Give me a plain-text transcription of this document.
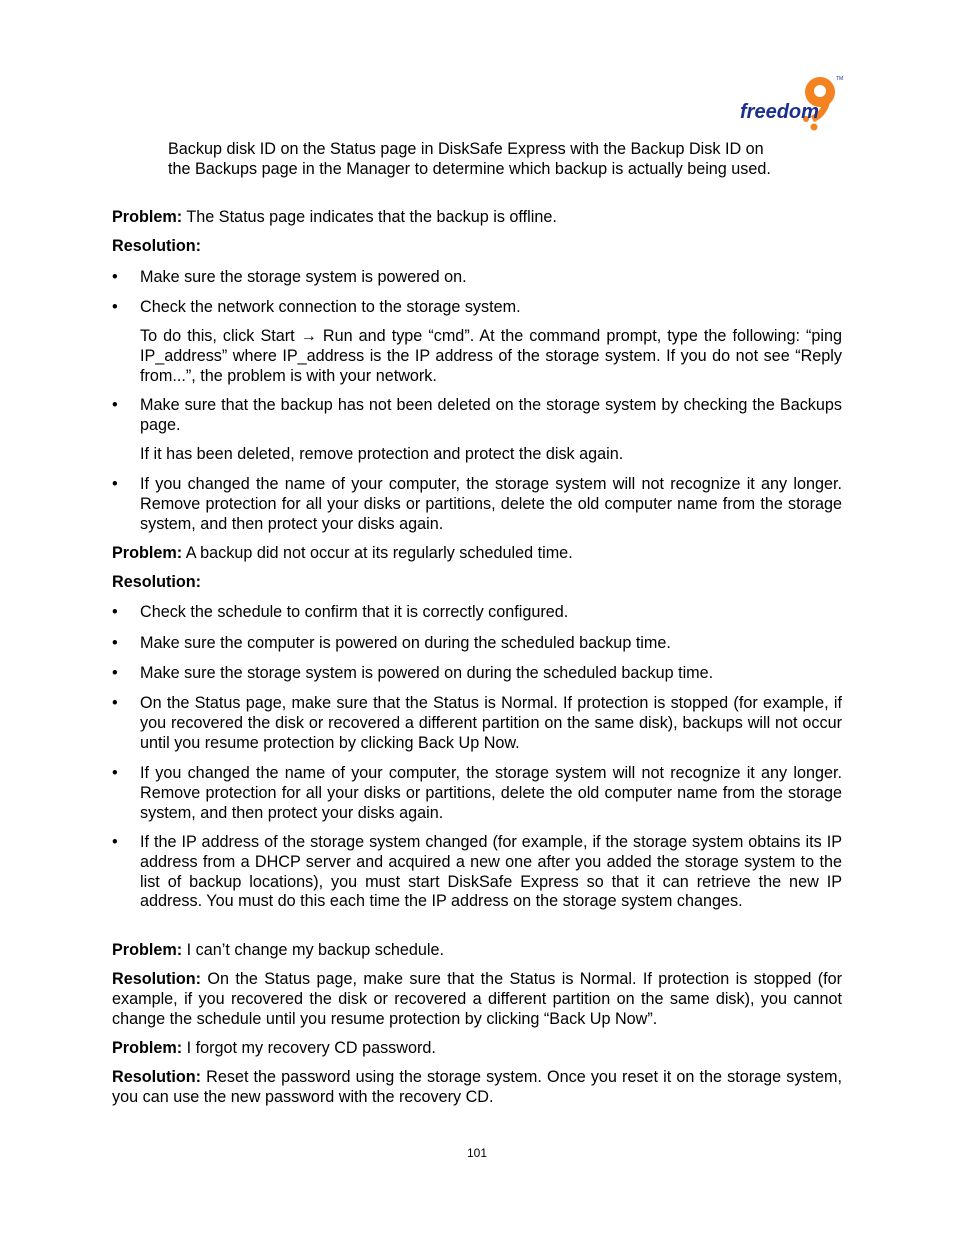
freedom
TM

Backup disk ID on the Status page in DiskSafe Express with the Backup Disk ID on the Backups page in the Manager to determine which backup is actually being used.

Problem: The Status page indicates that the backup is offline.

Resolution:

•	Make sure the storage system is powered on.
•	Check the network connection to the storage system.

To do this, click Start → Run and type “cmd”. At the command prompt, type the following: “ping IP_address” where IP_address is the IP address of the storage system. If you do not see “Reply from...”, the problem is with your network.

•	Make sure that the backup has not been deleted on the storage system by checking the Backups page.

If it has been deleted, remove protection and protect the disk again.

•	If you changed the name of your computer, the storage system will not recognize it any longer. Remove protection for all your disks or partitions, delete the old computer name from the storage system, and then protect your disks again.

Problem: A backup did not occur at its regularly scheduled time.

Resolution:

•	Check the schedule to confirm that it is correctly configured.
•	Make sure the computer is powered on during the scheduled backup time.
•	Make sure the storage system is powered on during the scheduled backup time.
•	On the Status page, make sure that the Status is Normal. If protection is stopped (for example, if you recovered the disk or recovered a different partition on the same disk), backups will not occur until you resume protection by clicking Back Up Now.
•	If you changed the name of your computer, the storage system will not recognize it any longer. Remove protection for all your disks or partitions, delete the old computer name from the storage system, and then protect your disks again.
•	If the IP address of the storage system changed (for example, if the storage system obtains its IP address from a DHCP server and acquired a new one after you added the storage system to the list of backup locations), you must start DiskSafe Express so that it can retrieve the new IP address. You must do this each time the IP address on the storage system changes.

Problem: I can’t change my backup schedule.

Resolution: On the Status page, make sure that the Status is Normal. If protection is stopped (for example, if you recovered the disk or recovered a different partition on the same disk), you cannot change the schedule until you resume protection by clicking “Back Up Now”.

Problem: I forgot my recovery CD password.

Resolution: Reset the password using the storage system. Once you reset it on the storage system, you can use the new password with the recovery CD.

101
